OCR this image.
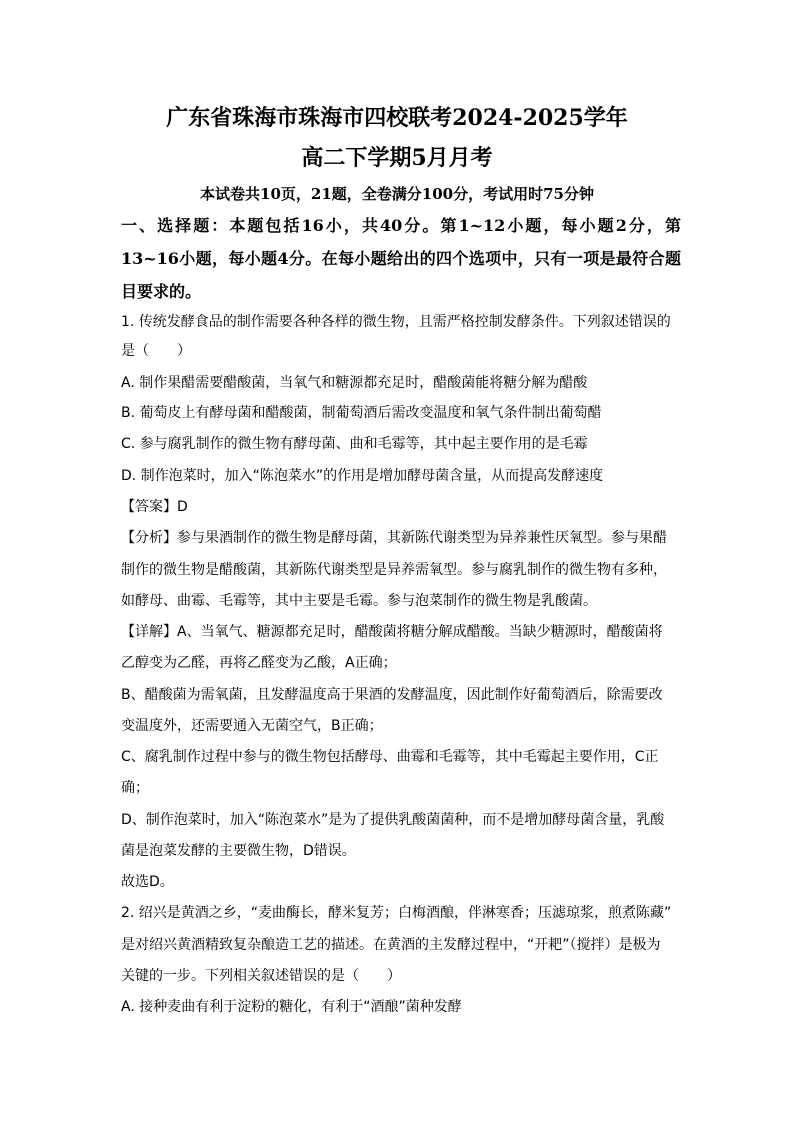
广东省珠海市珠海市四校联考2024-2025学年
高二下学期5月月考
本试卷共10页，21题，全卷满分100分，考试用时75分钟
一、选择题：本题包括16小，共40分。第1~12小题，每小题2分，第13~16小题，每小题4分。在每小题给出的四个选项中，只有一项是最符合题目要求的。
1. 传统发酵食品的制作需要各种各样的微生物，且需严格控制发酵条件。下列叙述错误的
是（　　）
A. 制作果醋需要醋酸菌，当氧气和糖源都充足时，醋酸菌能将糖分解为醋酸
B. 葡萄皮上有酵母菌和醋酸菌，制葡萄酒后需改变温度和氧气条件制出葡萄醋
C. 参与腐乳制作的微生物有酵母菌、曲和毛霉等，其中起主要作用的是毛霉
D. 制作泡菜时，加入“陈泡菜水”的作用是增加酵母菌含量，从而提高发酵速度
【答案】D
【分析】参与果酒制作的微生物是酵母菌，其新陈代谢类型为异养兼性厌氧型。参与果醋
制作的微生物是醋酸菌，其新陈代谢类型是异养需氧型。参与腐乳制作的微生物有多种，
如酵母、曲霉、毛霉等，其中主要是毛霉。参与泡菜制作的微生物是乳酸菌。
【详解】A、当氧气、糖源都充足时，醋酸菌将糖分解成醋酸。当缺少糖源时，醋酸菌将
乙醇变为乙醛，再将乙醛变为乙酸，A正确；
B、醋酸菌为需氧菌，且发酵温度高于果酒的发酵温度，因此制作好葡萄酒后，除需要改
变温度外，还需要通入无菌空气，B正确；
C、腐乳制作过程中参与的微生物包括酵母、曲霉和毛霉等，其中毛霉起主要作用，C正
确；
D、制作泡菜时，加入“陈泡菜水”是为了提供乳酸菌菌种，而不是增加酵母菌含量，乳酸
菌是泡菜发酵的主要微生物，D错误。
故选D。
2. 绍兴是黄酒之乡，“麦曲酶长，酵米复芳；白梅酒酿，伴淋寒香；压滤琼浆，煎煮陈藏”
是对绍兴黄酒精致复杂酿造工艺的描述。在黄酒的主发酵过程中，“开耙”（搅拌）是极为
关键的一步。下列相关叙述错误的是（　　）
A. 接种麦曲有利于淀粉的糖化，有利于“酒酿”菌种发酵
